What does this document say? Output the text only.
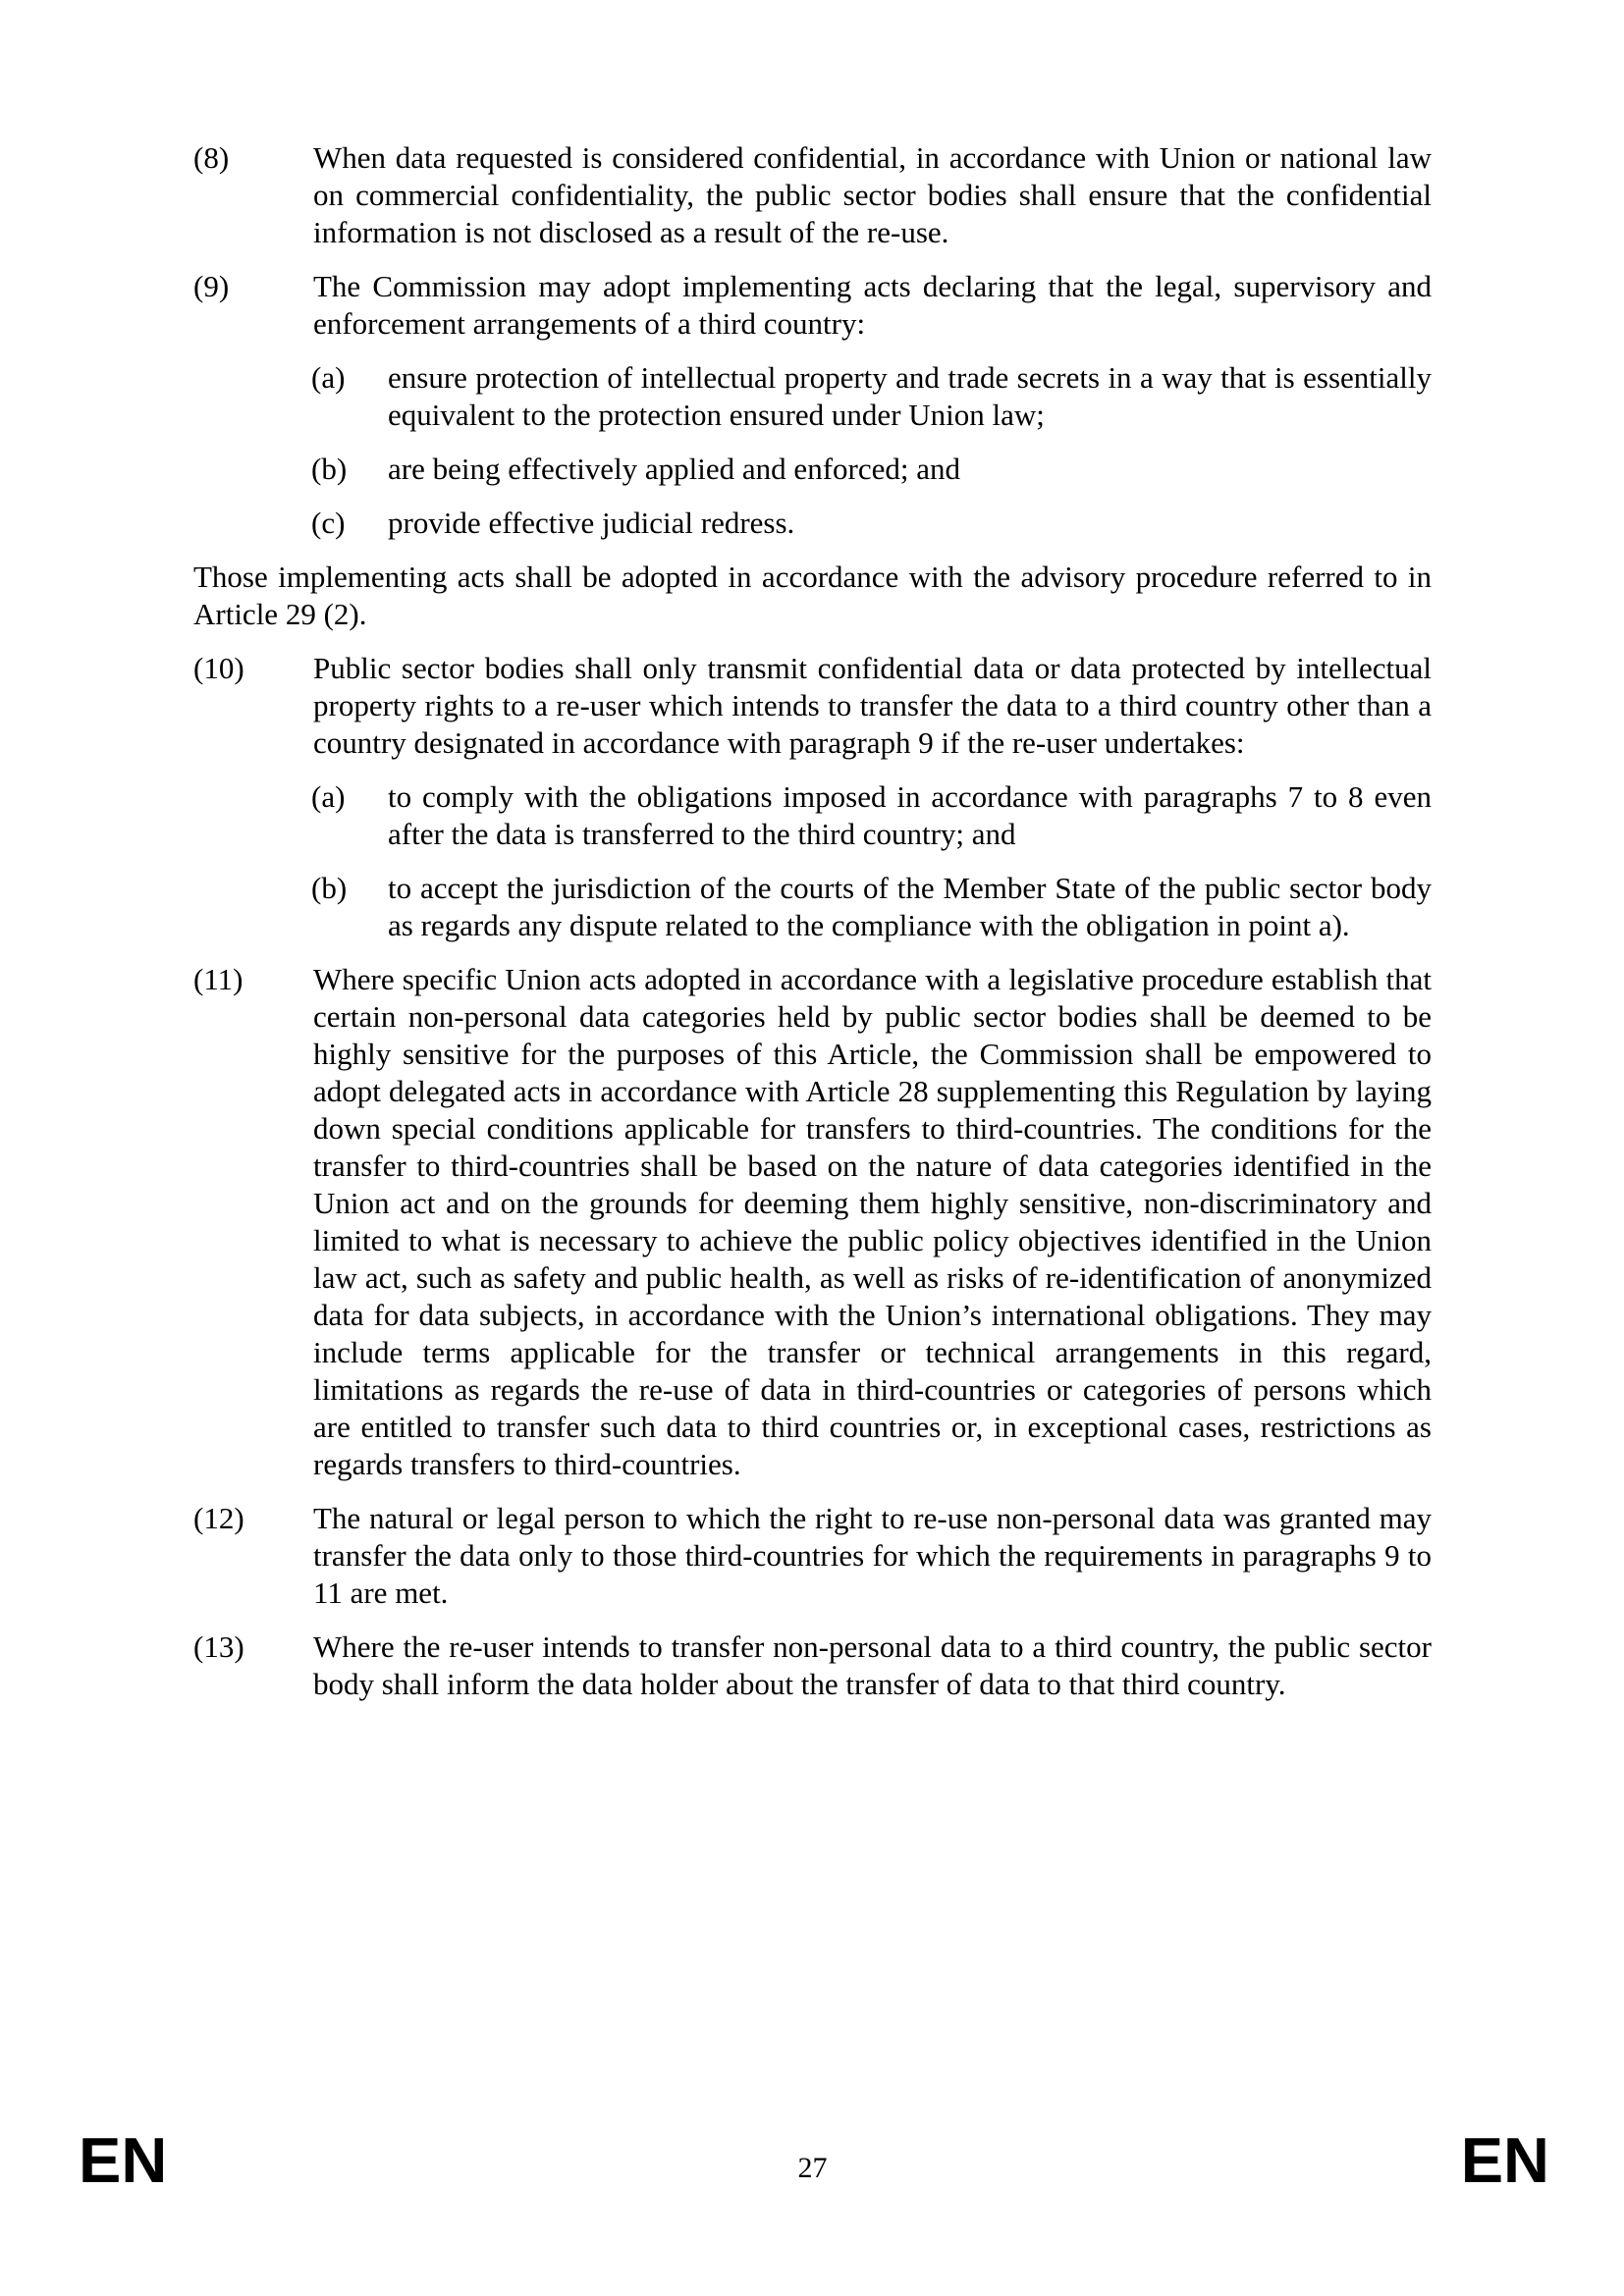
(8)	When data requested is considered confidential, in accordance with Union or national law on commercial confidentiality, the public sector bodies shall ensure that the confidential information is not disclosed as a result of the re-use.
(9)	The Commission may adopt implementing acts declaring that the legal, supervisory and enforcement arrangements of a third country:
(a) ensure protection of intellectual property and trade secrets in a way that is essentially equivalent to the protection ensured under Union law;
(b) are being effectively applied and enforced; and
(c) provide effective judicial redress.
Those implementing acts shall be adopted in accordance with the advisory procedure referred to in Article 29 (2).
(10) Public sector bodies shall only transmit confidential data or data protected by intellectual property rights to a re-user which intends to transfer the data to a third country other than a country designated in accordance with paragraph 9 if the re-user undertakes:
(a) to comply with the obligations imposed in accordance with paragraphs 7 to 8 even after the data is transferred to the third country; and
(b) to accept the jurisdiction of the courts of the Member State of the public sector body as regards any dispute related to the compliance with the obligation in point a).
(11) Where specific Union acts adopted in accordance with a legislative procedure establish that certain non-personal data categories held by public sector bodies shall be deemed to be highly sensitive for the purposes of this Article, the Commission shall be empowered to adopt delegated acts in accordance with Article 28 supplementing this Regulation by laying down special conditions applicable for transfers to third-countries. The conditions for the transfer to third-countries shall be based on the nature of data categories identified in the Union act and on the grounds for deeming them highly sensitive, non-discriminatory and limited to what is necessary to achieve the public policy objectives identified in the Union law act, such as safety and public health, as well as risks of re-identification of anonymized data for data subjects, in accordance with the Union’s international obligations. They may include terms applicable for the transfer or technical arrangements in this regard, limitations as regards the re-use of data in third-countries or categories of persons which are entitled to transfer such data to third countries or, in exceptional cases, restrictions as regards transfers to third-countries.
(12) The natural or legal person to which the right to re-use non-personal data was granted may transfer the data only to those third-countries for which the requirements in paragraphs 9 to 11 are met.
(13) Where the re-user intends to transfer non-personal data to a third country, the public sector body shall inform the data holder about the transfer of data to that third country.
EN	27	EN
